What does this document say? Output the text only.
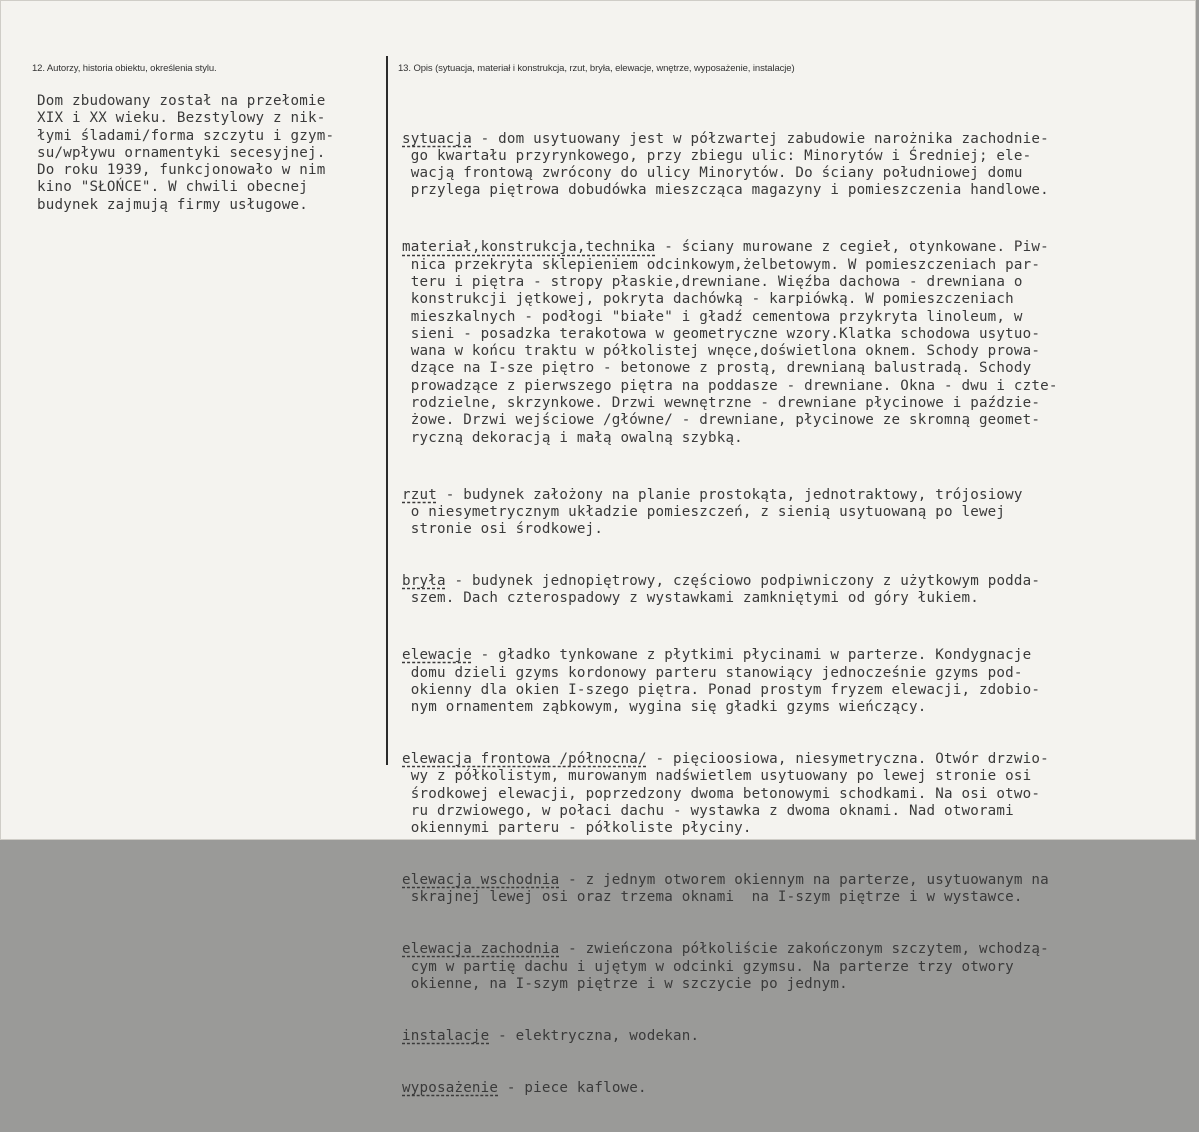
12. Autorzy, historia obiektu, określenia stylu.	13. Opis (sytuacja, materiał i konstrukcja, rzut, bryła, elewacje, wnętrze, wyposażenie, instalacje)
Dom zbudowany został na przełomie
XIX i XX wieku. Bezstylowy z nik-
łymi śladami/forma szczytu i gzym-
su/wpływu ornamentyki secesyjnej.
Do roku 1939, funkcjonowało w nim
kino "SŁOŃCE". W chwili obecnej
budynek zajmują firmy usługowe.

sytuacja - dom usytuowany jest w półzwartej zabudowie narożnika zachodnie-
go kwartału przyrynkowego, przy zbiegu ulic: Minorytów i Średniej; ele-
wacją frontową zwrócony do ulicy Minorytów. Do ściany południowej domu
przylega piętrowa dobudówka mieszcząca magazyny i pomieszczenia handlowe.

materiał,konstrukcja,technika - ściany murowane z cegieł, otynkowane. Piw-
nica przekryta sklepieniem odcinkowym,żelbetowym. W pomieszczeniach par-
teru i piętra - stropy płaskie,drewniane. Więźba dachowa - drewniana o
konstrukcji jętkowej, pokryta dachówką - karpiówką. W pomieszczeniach
mieszkalnych - podłogi "białe" i gładź cementowa przykryta linoleum, w
sieni - posadzka terakotowa w geometryczne wzory.Klatka schodowa usytuo-
wana w końcu traktu w półkolistej wnęce,doświetlona oknem. Schody prowa-
dzące na I-sze piętro - betonowe z prostą, drewnianą balustradą. Schody
prowadzące z pierwszego piętra na poddasze - drewniane. Okna - dwu i czte-
rodzielne, skrzynkowe. Drzwi wewnętrzne - drewniane płycinowe i paździe-
żowe. Drzwi wejściowe /główne/ - drewniane, płycinowe ze skromną geomet-
ryczną dekoracją i małą owalną szybką.

rzut - budynek założony na planie prostokąta, jednotraktowy, trójosiowy
o niesymetrycznym układzie pomieszczeń, z sienią usytuowaną po lewej
stronie osi środkowej.

bryła - budynek jednopiętrowy, częściowo podpiwniczony z użytkowym podda-
szem. Dach czterospadowy z wystawkami zamkniętymi od góry łukiem.

elewacje - gładko tynkowane z płytkimi płycinami w parterze. Kondygnacje
domu dzieli gzyms kordonowy parteru stanowiący jednocześnie gzyms pod-
okienny dla okien I-szego piętra. Ponad prostym fryzem elewacji, zdobio-
nym ornamentem ząbkowym, wygina się gładki gzyms wieńczący.

elewacja frontowa /północna/ - pięcioosiowa, niesymetryczna. Otwór drzwio-
wy z półkolistym, murowanym nadświetlem usytuowany po lewej stronie osi
środkowej elewacji, poprzedzony dwoma betonowymi schodkami. Na osi otwo-
ru drzwiowego, w połaci dachu - wystawka z dwoma oknami. Nad otworami
okiennymi parteru - półkoliste płyciny.

elewacja wschodnia - z jednym otworem okiennym na parterze, usytuowanym na
skrajnej lewej osi oraz trzema oknami  na I-szym piętrze i w wystawce.

elewacja zachodnia - zwieńczona półkoliście zakończonym szczytem, wchodzą-
cym w partię dachu i ujętym w odcinki gzymsu. Na parterze trzy otwory
okienne, na I-szym piętrze i w szczycie po jednym.

instalacje - elektryczna, wodekan.

wyposażenie - piece kaflowe.
